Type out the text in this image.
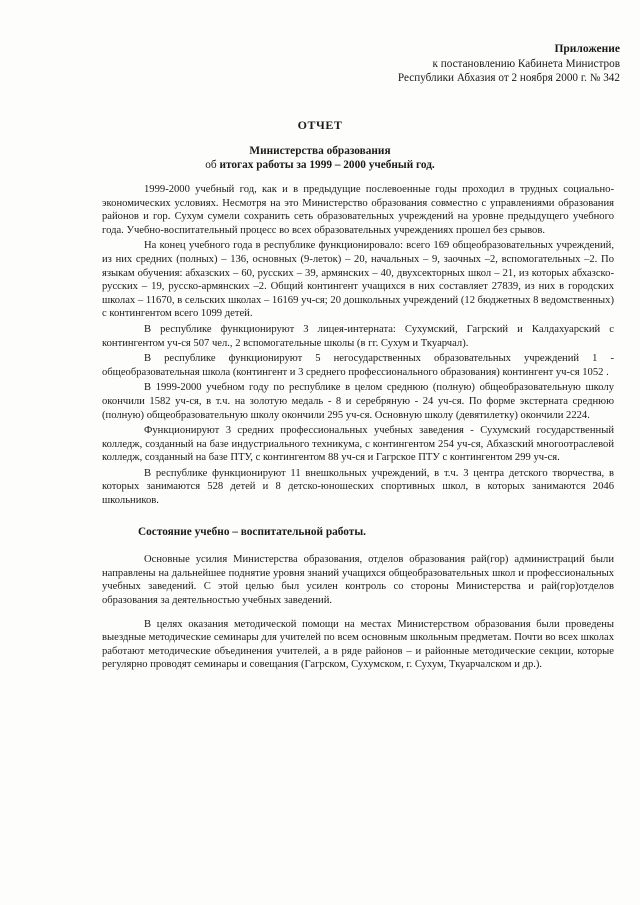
Приложение
к постановлению Кабинета Министров
Республики Абхазия от 2 ноября 2000 г. № 342
ОТЧЕТ
Министерства образования
об итогах работы за 1999 – 2000 учебный год.

1999-2000 учебный год, как и в предыдущие послевоенные годы проходил в трудных социально-экономических условиях. Несмотря на это Министерство образования совместно с управлениями образования районов и гор. Сухум сумели сохранить сеть образовательных учреждений на уровне предыдущего учебного года. Учебно-воспитательный процесс во всех образовательных учреждениях прошел без срывов.

На конец учебного года в республике функционировало: всего 169 общеобразовательных учреждений, из них средних (полных) – 136, основных (9-леток) – 20, начальных – 9, заочных –2, вспомогательных –2. По языкам обучения: абхазских – 60, русских – 39, армянских – 40, двухсекторных школ – 21, из которых абхазско-русских – 19, русско-армянских –2. Общий контингент учащихся в них составляет 27839, из них в городских школах – 11670, в сельских школах – 16169 уч-ся; 20 дошкольных учреждений (12 бюджетных 8 ведомственных) с контингентом всего 1099 детей.

В республике функционируют 3 лицея-интерната: Сухумский, Гагрский и Калдахуарский с контингентом уч-ся 507 чел., 2 вспомогательные школы (в гг. Сухум и Ткуарчал).

В республике функционируют 5 негосударственных образовательных учреждений 1 - общеобразовательная школа (контингент и 3 среднего профессионального образования) контингент уч-ся 1052 .

В 1999-2000 учебном году по республике в целом среднюю (полную) общеобразовательную школу окончили 1582 уч-ся, в т.ч. на золотую медаль - 8 и серебряную - 24 уч-ся. По форме экстерната среднюю (полную) общеобразовательную школу окончили 295 уч-ся. Основную школу (девятилетку) окончили 2224.

Функционируют 3 средних профессиональных учебных заведения - Сухумский государственный колледж, созданный на базе индустриального техникума, с контингентом 254 уч-ся, Абхазский многоотраслевой колледж, созданный на базе ПТУ, с контингентом 88 уч-ся и Гагрское ПТУ с контингентом 299 уч-ся.

В республике функционируют 11 внешкольных учреждений, в т.ч. 3 центра детского творчества, в которых занимаются 528 детей и 8 детско-юношеских спортивных школ, в которых занимаются 2046 школьников.

Состояние учебно – воспитательной работы.

Основные усилия Министерства образования, отделов образования рай(гор) администраций были направлены на дальнейшее поднятие уровня знаний учащихся общеобразовательных школ и профессиональных учебных заведений. С этой целью был усилен контроль со стороны Министерства и рай(гор)отделов образования за деятельностью учебных заведений.

В целях оказания методической помощи на местах Министерством образования были проведены выездные методические семинары для учителей по всем основным школьным предметам. Почти во всех школах работают методические объединения учителей, а в ряде районов – и районные методические секции, которые регулярно проводят семинары и совещания (Гагрском, Сухумском, г. Сухум, Ткуарчалском и др.).
